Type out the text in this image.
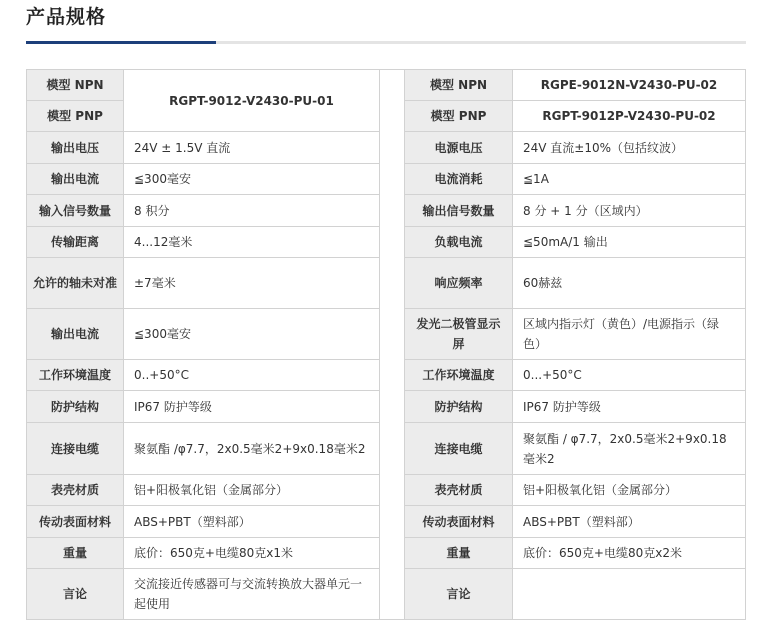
产品规格
模型 NPN	RGPT-9012-V2430-PU-01		模型 NPN	RGPE-9012N-V2430-PU-02
模型 PNP			模型 PNP	RGPT-9012P-V2430-PU-02
输出电压	24V ± 1.5V 直流		电源电压	24V 直流±10%（包括纹波）
输出电流	≦300毫安		电流消耗	≦1A
输入信号数量	8 积分		输出信号数量	8 分 + 1 分（区域内）
传输距离	4...12毫米		负载电流	≦50mA/1 输出
允许的轴未对准	±7毫米		响应频率	60赫兹
输出电流	≦300毫安		发光二极管显示屏	区域内指示灯（黄色）/电源指示（绿色）
工作环境温度	0..+50°C		工作环境温度	0...+50°C
防护结构	IP67 防护等级		防护结构	IP67 防护等级
连接电缆	聚氨酯 /φ7.7，2x0.5毫米2+9x0.18毫米2		连接电缆	聚氨酯 / φ7.7，2x0.5毫米2+9x0.18毫米2
表壳材质	铝+阳极氧化铝（金属部分）		表壳材质	铝+阳极氧化铝（金属部分）
传动表面材料	ABS+PBT（塑料部）		传动表面材料	ABS+PBT（塑料部）
重量	底价：650克+电缆80克x1米		重量	底价：650克+电缆80克x2米
言论	交流接近传感器可与交流转换放大器单元一起使用		言论	
